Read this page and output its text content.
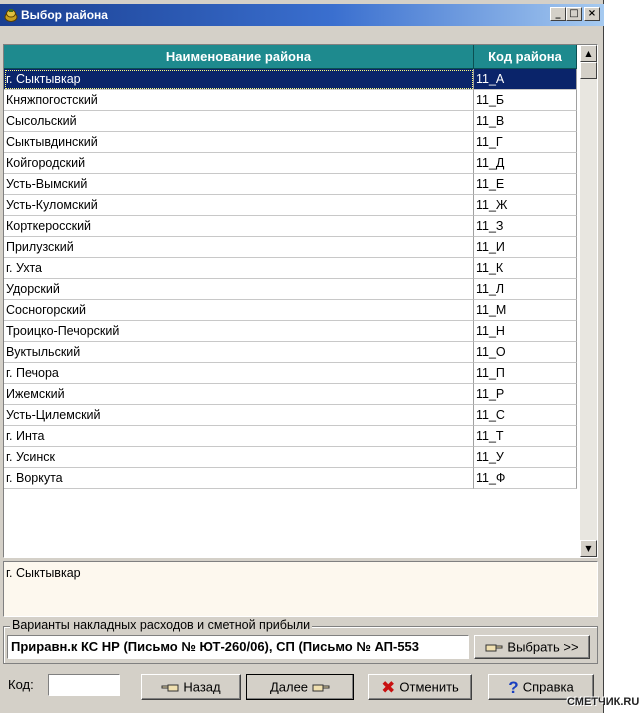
Выбор района	_ □ ×
Наименование района	Код района
г. Сыктывкар	11_А
Княжпогостский	11_Б
Сысольский	11_В
Сыктывдинский	11_Г
Койгородский	11_Д
Усть-Вымский	11_Е
Усть-Куломский	11_Ж
Корткеросский	11_З
Прилузский	11_И
г. Ухта	11_К
Удорский	11_Л
Сосногорский	11_М
Троицко-Печорский	11_Н
Вуктыльский	11_О
г. Печора	11_П
Ижемский	11_Р
Усть-Цилемский	11_С
г. Инта	11_Т
г. Усинск	11_У
г. Воркута	11_Ф
▲
▼
г. Сыктывкар
Варианты накладных расходов и сметной прибыли
Приравн.к КС НР (Письмо № ЮТ-260/06), СП (Письмо № АП-553	Выбрать >>
Код:	Назад	Далее	✖ Отменить	? Справка
СМЕТЧИК.RU
